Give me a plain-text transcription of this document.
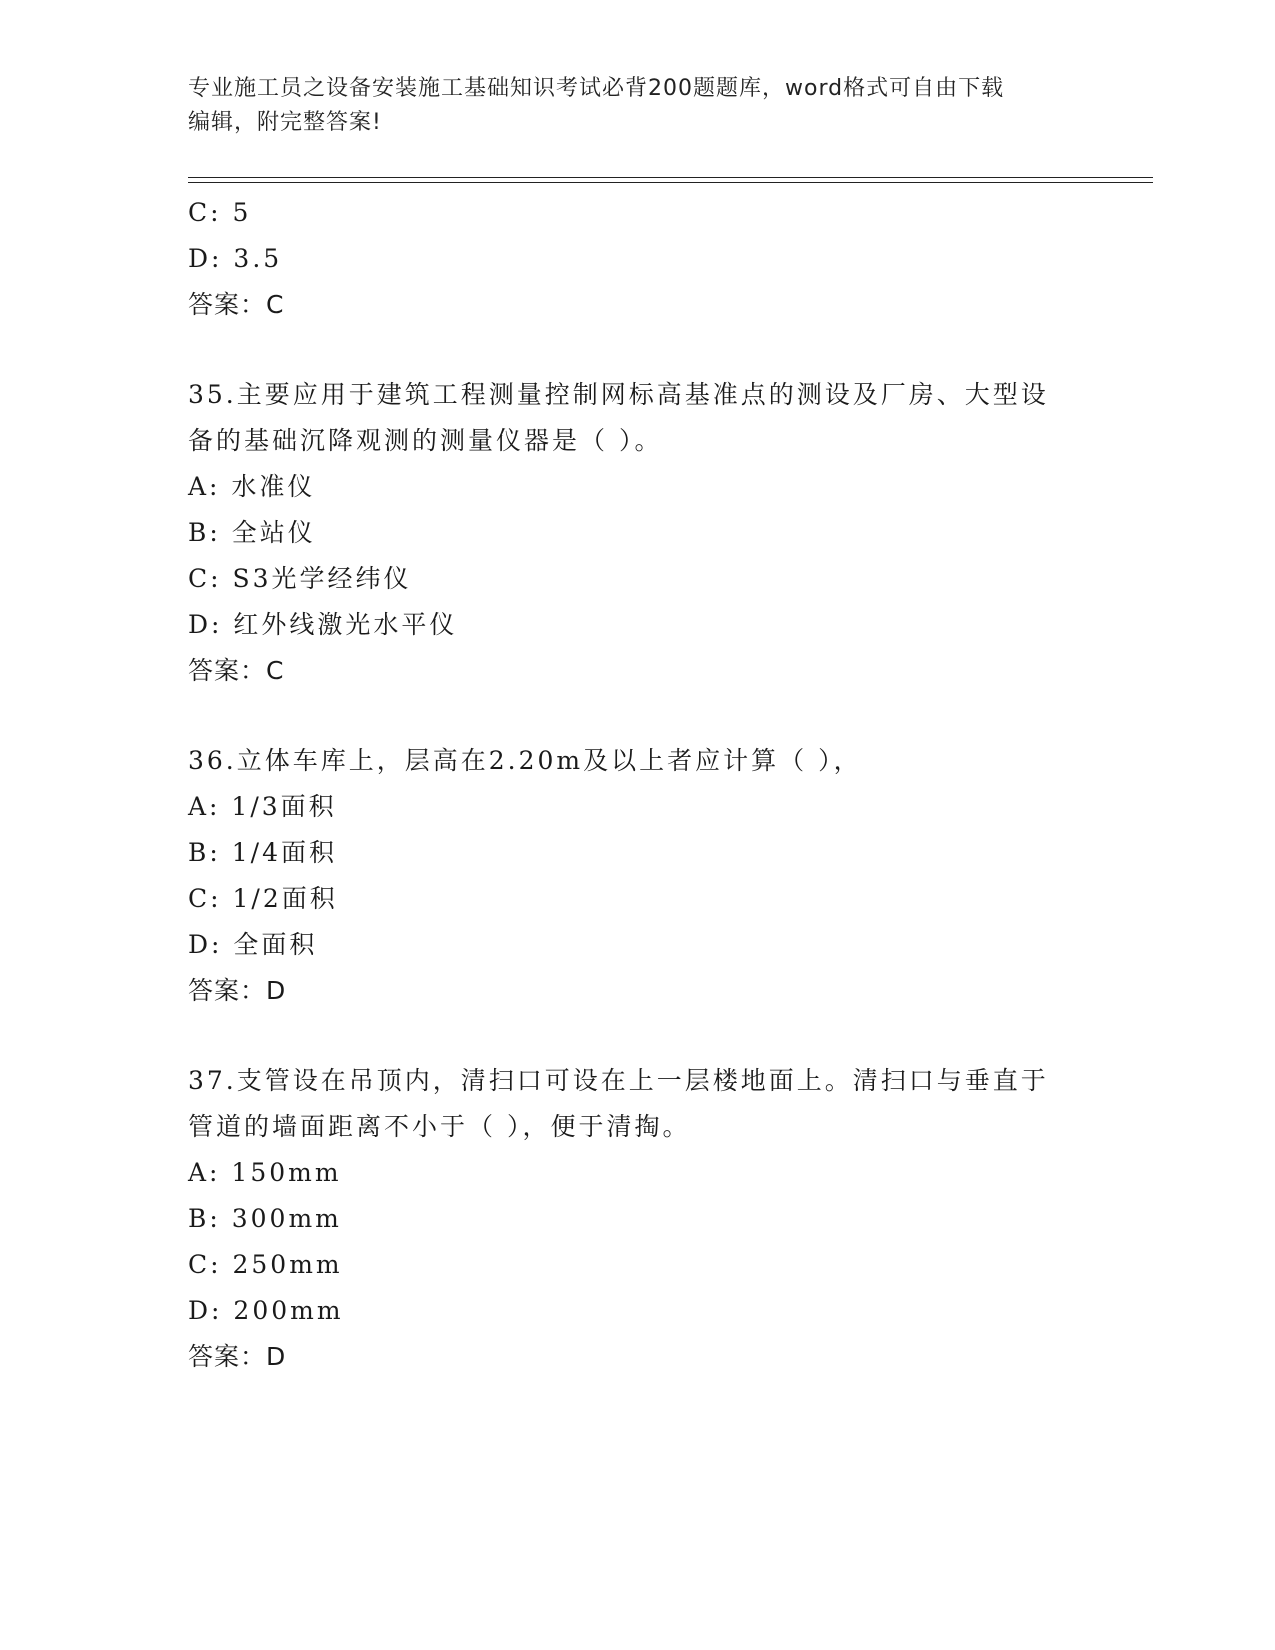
专业施工员之设备安装施工基础知识考试必背200题题库，word格式可自由下载
编辑，附完整答案!
C: 5
D: 3.5
答案：C
35.主要应用于建筑工程测量控制网标高基准点的测设及厂房、大型设
备的基础沉降观测的测量仪器是（ ）。
A: 水准仪
B: 全站仪
C: S3光学经纬仪
D: 红外线激光水平仪
答案：C
36.立体车库上，层高在2.20m及以上者应计算（ ），
A: 1/3面积
B: 1/4面积
C: 1/2面积
D: 全面积
答案：D
37.支管设在吊顶内，清扫口可设在上一层楼地面上。清扫口与垂直于
管道的墙面距离不小于（ ），便于清掏。
A: 150mm
B: 300mm
C: 250mm
D: 200mm
答案：D
